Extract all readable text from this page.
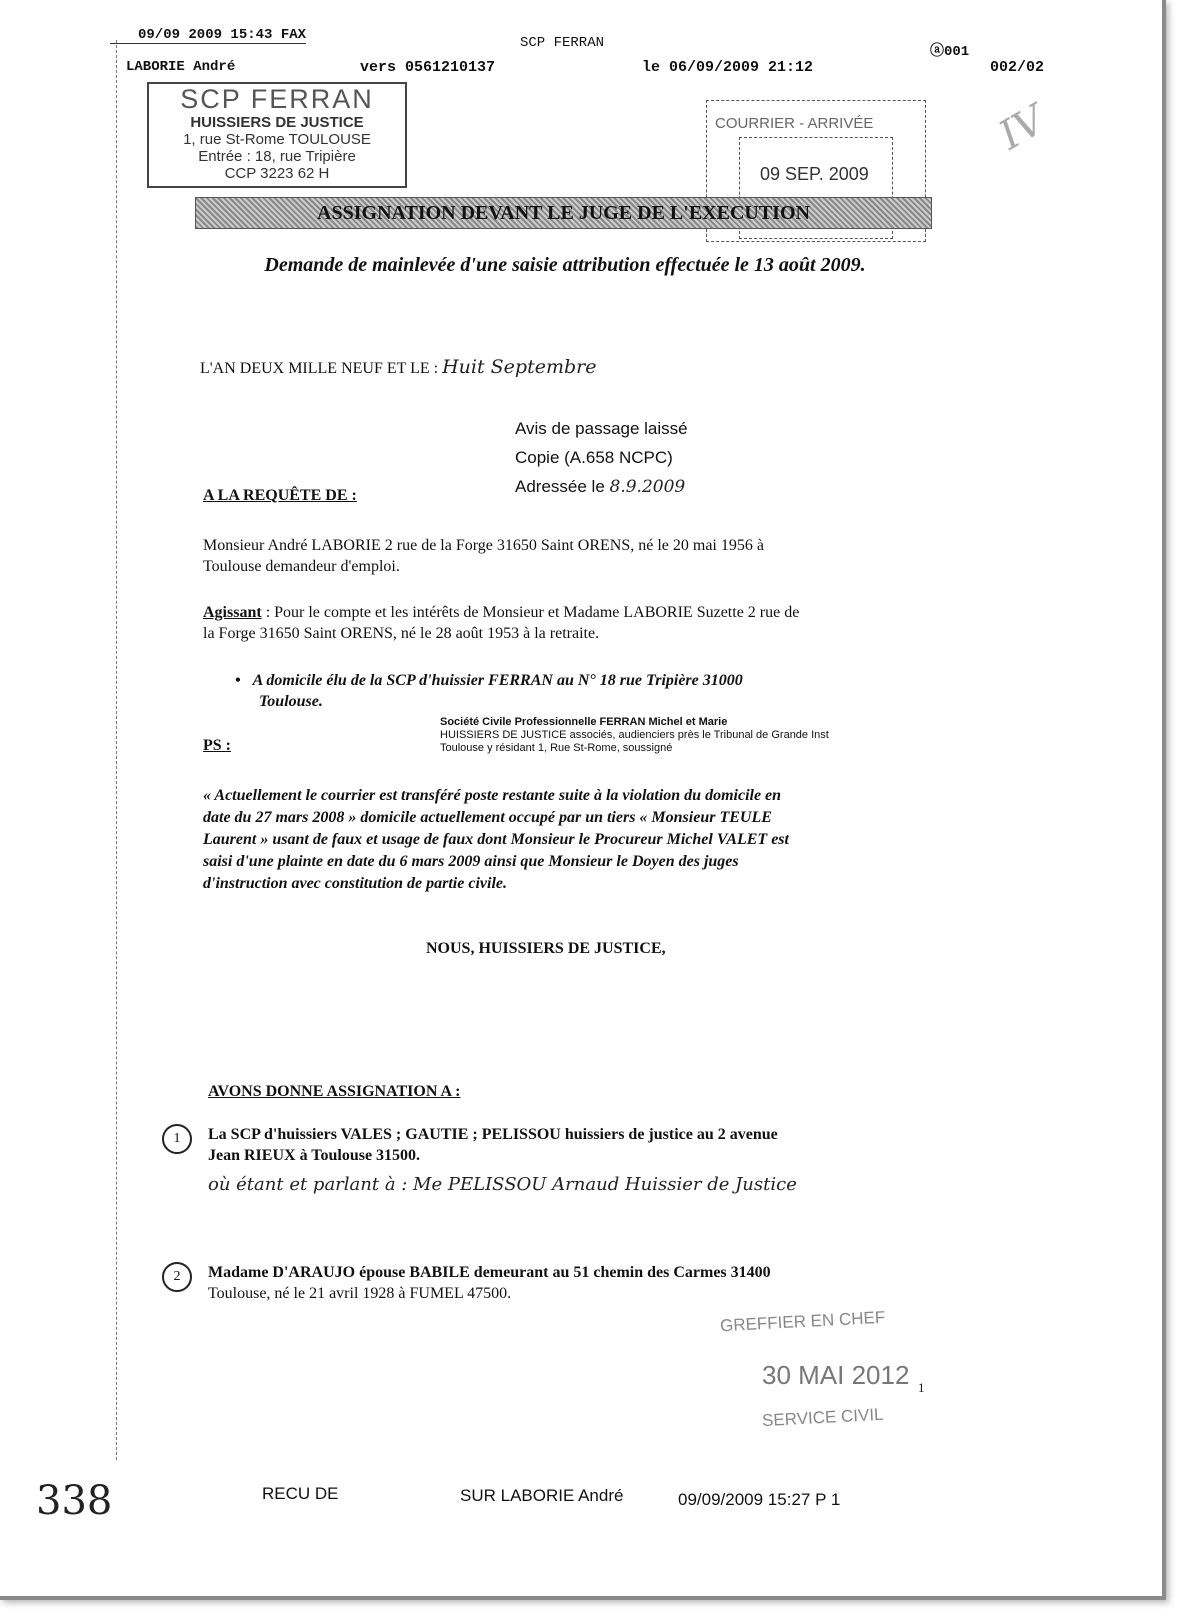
09/09 2009 15:43 FAX	SCP FERRAN
ⓐ001
LABORIE André	vers 0561210137	le 06/09/2009 21:12	002/02
SCP FERRAN
HUISSIERS DE JUSTICE
1, rue St-Rome TOULOUSE
Entrée : 18, rue Tripière
CCP 3223 62 H
COURRIER - ARRIVÉE
09 SEP. 2009
IV
ASSIGNATION DEVANT LE JUGE DE L'EXECUTION
Demande de mainlevée d'une saisie attribution effectuée le 13 août 2009.
L'AN DEUX MILLE NEUF ET LE : Huit Septembre
Avis de passage laissé
Copie (A.658 NCPC)
Adressée le 8.9.2009
A LA REQUÊTE DE :
Monsieur André LABORIE 2 rue de la Forge 31650 Saint ORENS, né le 20 mai 1956 à
Toulouse demandeur d'emploi.
Agissant : Pour le compte et les intérêts de Monsieur et Madame LABORIE Suzette 2 rue de
la Forge 31650 Saint ORENS, né le 28 août 1953 à la retraite.
•   A domicile élu de la SCP d'huissier FERRAN au N° 18 rue Tripière 31000
Toulouse.
Société Civile Professionnelle FERRAN Michel et Marie
HUISSIERS DE JUSTICE associés, audienciers près le Tribunal de Grande Inst
Toulouse y résidant 1, Rue St-Rome, soussigné
PS :
« Actuellement le courrier est transféré poste restante suite à la violation du domicile en
date du 27 mars 2008 » domicile actuellement occupé par un tiers « Monsieur TEULE
Laurent » usant de faux et usage de faux dont Monsieur le Procureur Michel VALET est
saisi d'une plainte en date du 6 mars 2009 ainsi que Monsieur le Doyen des juges
d'instruction avec constitution de partie civile.
NOUS, HUISSIERS DE JUSTICE,
AVONS DONNE ASSIGNATION A :
1	La SCP d'huissiers VALES ; GAUTIE ; PELISSOU huissiers de justice au 2 avenue
Jean RIEUX à Toulouse 31500.
où étant et parlant à : Me PELISSOU Arnaud Huissier de Justice
2	Madame D'ARAUJO épouse BABILE demeurant au 51 chemin des Carmes 31400
Toulouse, né le 21 avril 1928 à FUMEL 47500.
GREFFIER EN CHEF
30 MAI 2012
SERVICE CIVIL
1
338	RECU DE	SUR LABORIE André	09/09/2009 15:27 P 1
